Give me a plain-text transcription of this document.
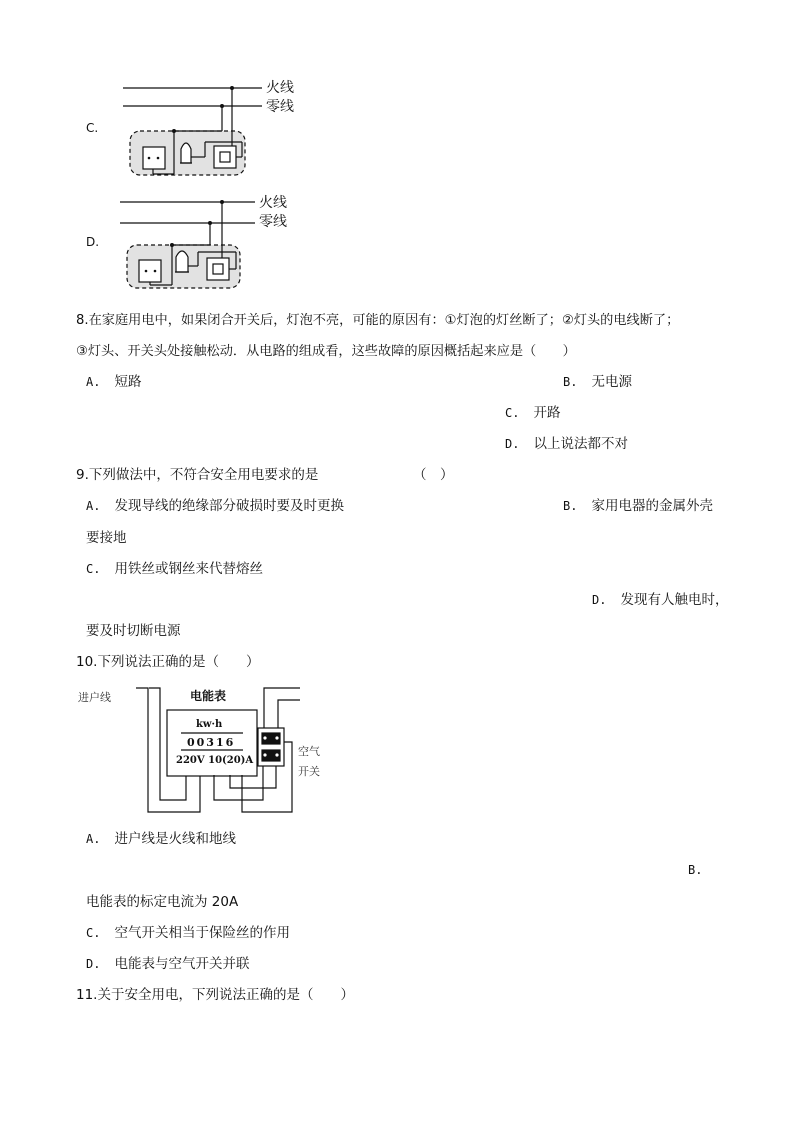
C.
火线
零线
D.
火线
零线
8.在家庭用电中，如果闭合开关后，灯泡不亮，可能的原因有：①灯泡的灯丝断了；②灯头的电线断了；
③灯头、开关头处接触松动．从电路的组成看，这些故障的原因概括起来应是（　　）
A. 短路	B. 无电源
C. 开路
D. 以上说法都不对
9.下列做法中，不符合安全用电要求的是	（　）
A. 发现导线的绝缘部分破损时要及时更换	B. 家用电器的金属外壳
要接地
C. 用铁丝或钢丝来代替熔丝
D. 发现有人触电时，
要及时切断电源
10.下列说法正确的是（　　）
进户线	电能表
kw·h
00316
220V 10(20)A
空气
开关
A. 进户线是火线和地线
B.
电能表的标定电流为 20A
C. 空气开关相当于保险丝的作用
D. 电能表与空气开关并联
11.关于安全用电，下列说法正确的是（　　）
